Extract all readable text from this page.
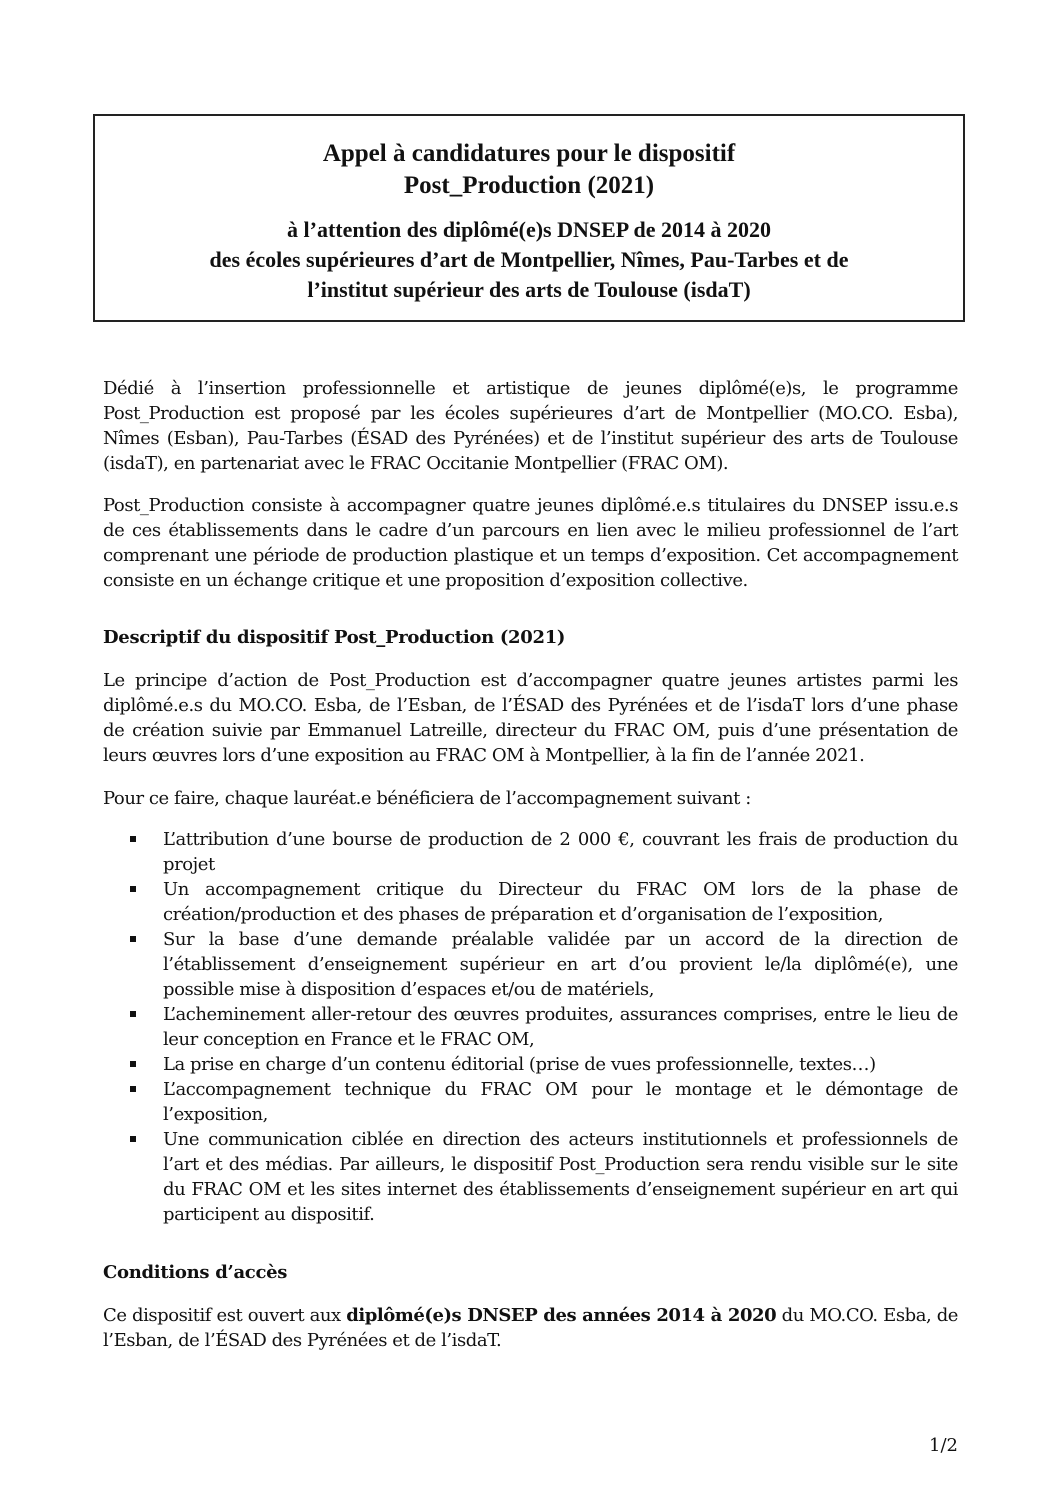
Appel à candidatures pour le dispositif
Post_Production (2021)
à l’attention des diplômé(e)s DNSEP de 2014 à 2020
des écoles supérieures d’art de Montpellier, Nîmes, Pau-Tarbes et de
l’institut supérieur des arts de Toulouse (isdaT)

Dédié à l’insertion professionnelle et artistique de jeunes diplômé(e)s, le programme Post_Production est proposé par les écoles supérieures d’art de Montpellier (MO.CO. Esba), Nîmes (Esban), Pau-Tarbes (ÉSAD des Pyrénées) et de l’institut supérieur des arts de Toulouse (isdaT), en partenariat avec le FRAC Occitanie Montpellier (FRAC OM).

Post_Production consiste à accompagner quatre jeunes diplômé.e.s titulaires du DNSEP issu.e.s de ces établissements dans le cadre d’un parcours en lien avec le milieu professionnel de l’art comprenant une période de production plastique et un temps d’exposition. Cet accompagnement consiste en un échange critique et une proposition d’exposition collective.

Descriptif du dispositif Post_Production (2021)

Le principe d’action de Post_Production est d’accompagner quatre jeunes artistes parmi les diplômé.e.s du MO.CO. Esba, de l’Esban, de l’ÉSAD des Pyrénées et de l’isdaT lors d’une phase de création suivie par Emmanuel Latreille, directeur du FRAC OM, puis d’une présentation de leurs œuvres lors d’une exposition au FRAC OM à Montpellier, à la fin de l’année 2021.

Pour ce faire, chaque lauréat.e bénéficiera de l’accompagnement suivant :

L’attribution d’une bourse de production de 2 000 €, couvrant les frais de production du projet
Un accompagnement critique du Directeur du FRAC OM lors de la phase de création/production et des phases de préparation et d’organisation de l’exposition,
Sur la base d’une demande préalable validée par un accord de la direction de l’établissement d’enseignement supérieur en art d’ou provient le/la diplômé(e), une possible mise à disposition d’espaces et/ou de matériels,
L’acheminement aller-retour des œuvres produites, assurances comprises, entre le lieu de leur conception en France et le FRAC OM,
La prise en charge d’un contenu éditorial (prise de vues professionnelle, textes…)
L’accompagnement technique du FRAC OM pour le montage et le démontage de l’exposition,
Une communication ciblée en direction des acteurs institutionnels et professionnels de l’art et des médias. Par ailleurs, le dispositif Post_Production sera rendu visible sur le site du FRAC OM et les sites internet des établissements d’enseignement supérieur en art qui participent au dispositif.
Conditions d’accès

Ce dispositif est ouvert aux diplômé(e)s DNSEP des années 2014 à 2020 du MO.CO. Esba, de l’Esban, de l’ÉSAD des Pyrénées et de l’isdaT.

1/2
